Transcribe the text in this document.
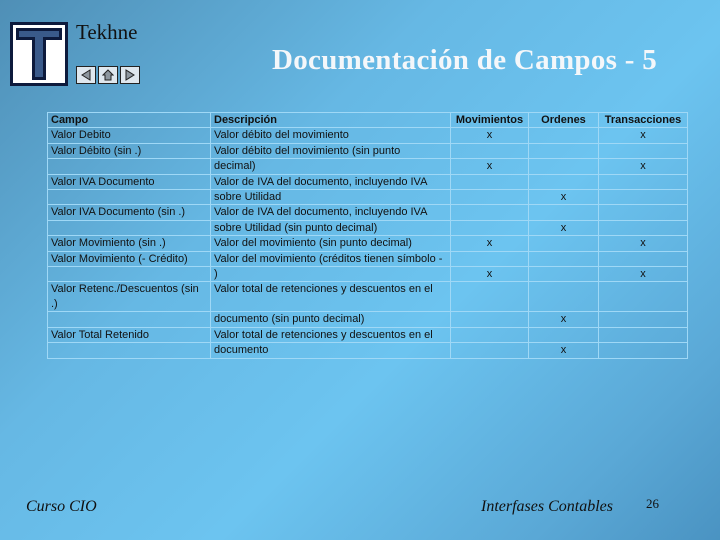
Tekhne
Documentación de Campos - 5
Campo	Descripción	Movimientos	Ordenes	Transacciones
Valor Debito	Valor débito del movimiento	x		x
Valor Débito (sin .)	Valor débito del movimiento (sin punto			
	decimal)	x		x
Valor IVA Documento	Valor de IVA del documento, incluyendo IVA			
	sobre Utilidad		x	
Valor IVA Documento (sin .)	Valor de IVA del documento, incluyendo IVA			
	sobre Utilidad (sin punto decimal)		x	
Valor Movimiento (sin .)	Valor del movimiento (sin punto decimal)	x		x
Valor Movimiento (- Crédito)	Valor del movimiento (créditos tienen símbolo -			
	)	x		x
Valor Retenc./Descuentos (sin .)	Valor total de retenciones y descuentos en el			
	documento (sin punto decimal)		x	
Valor Total Retenido	Valor total de retenciones y descuentos en el			
	documento		x	
Curso CIO	Interfases Contables	26
